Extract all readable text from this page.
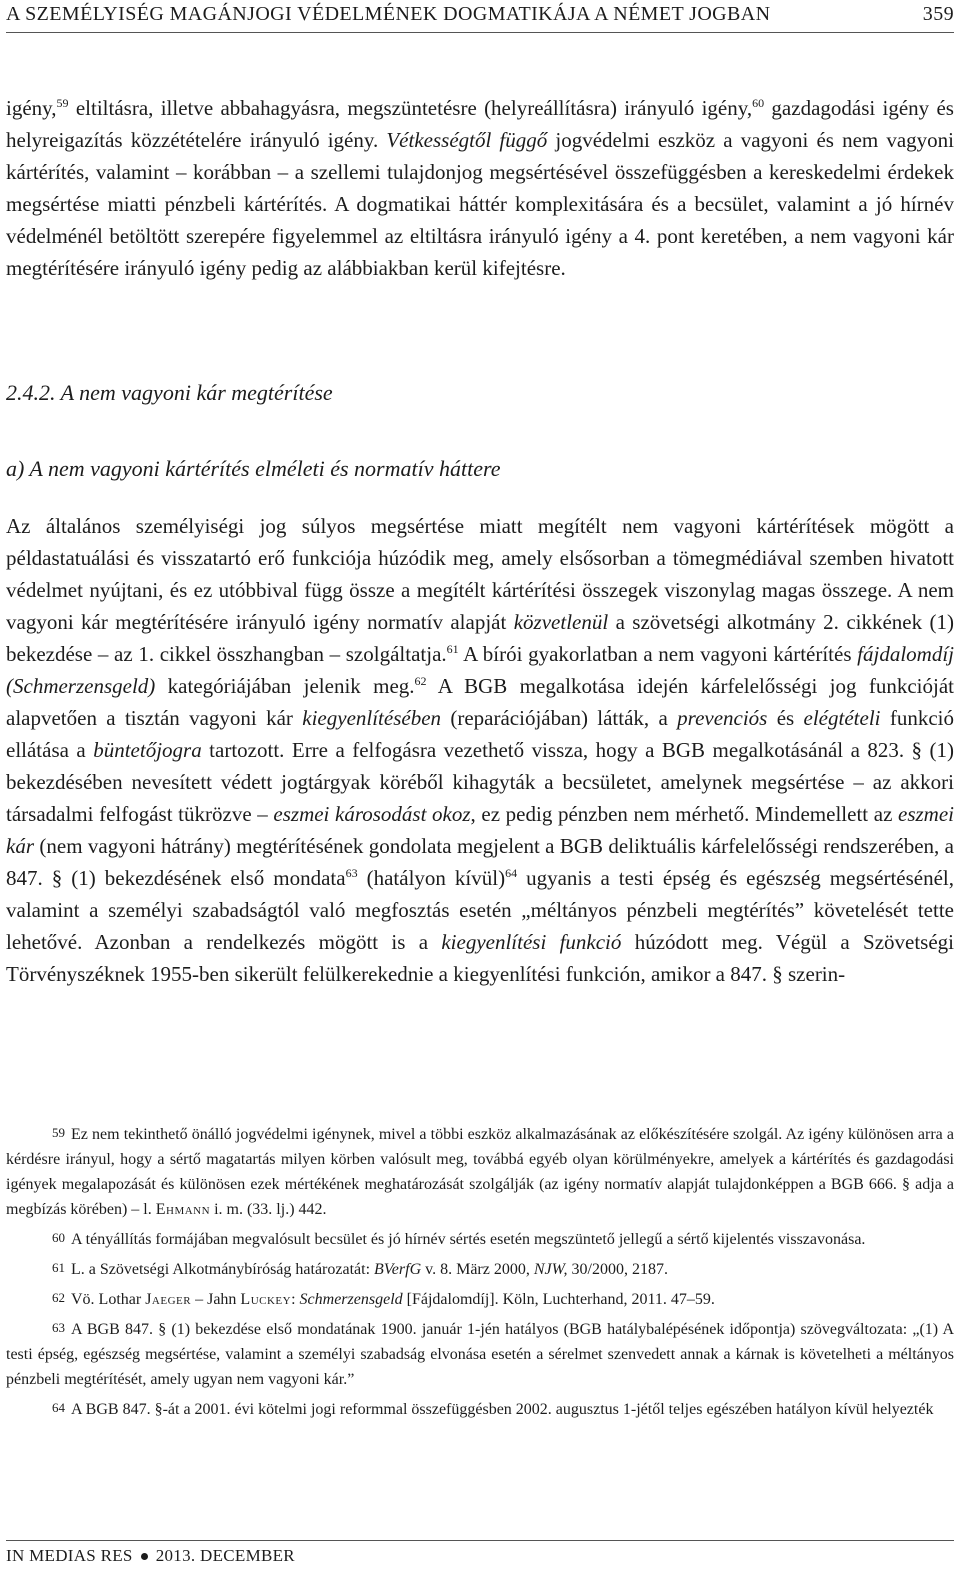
A SZEMÉLYISÉG MAGÁNJOGI VÉDELMÉNEK DOGMATIKÁJA A NÉMET JOGBAN	359

igény,$^{59}$ eltiltásra, illetve abbahagyásra, megszüntetésre (helyreállításra) irányuló igény,$^{60}$ gazdagodási igény és helyreigazítás közzétételére irányuló igény. Vétkességtől függő jogvédelmi eszköz a vagyoni és nem vagyoni kártérítés, valamint – korábban – a szellemi tulajdonjog megsértésével összefüggésben a kereskedelmi érdekek megsértése miatti pénzbeli kártérítés. A dogmatikai háttér komplexitására és a becsület, valamint a jó hírnév védelménél betöltött szerepére figyelemmel az eltiltásra irányuló igény a 4. pont keretében, a nem vagyoni kár megtérítésére irányuló igény pedig az alábbiakban kerül kifejtésre.

2.4.2. A nem vagyoni kár megtérítése
a) A nem vagyoni kártérítés elméleti és normatív háttere

Az általános személyiségi jog súlyos megsértése miatt megítélt nem vagyoni kártérítések mögött a példastatuálási és visszatartó erő funkciója húzódik meg, amely elsősorban a tömegmédiával szemben hivatott védelmet nyújtani, és ez utóbbival függ össze a megítélt kártérítési összegek viszonylag magas összege. A nem vagyoni kár megtérítésére irányuló igény normatív alapját közvetlenül a szövetségi alkotmány 2. cikkének (1) bekezdése – az 1. cikkel összhangban – szolgáltatja.$^{61}$ A bírói gyakorlatban a nem vagyoni kártérítés fájdalomdíj (Schmerzensgeld) kategóriájában jelenik meg.$^{62}$ A BGB megalkotása idején kárfelelősségi jog funkcióját alapvetően a tisztán vagyoni kár kiegyenlítésében (reparációjában) látták, a prevenciós és elégtételi funkció ellátása a büntetőjogra tartozott. Erre a felfogásra vezethető vissza, hogy a BGB megalkotásánál a 823. § (1) bekezdésében nevesített védett jogtárgyak köréből kihagyták a becsületet, amelynek megsértése – az akkori társadalmi felfogást tükrözve – eszmei károsodást okoz, ez pedig pénzben nem mérhető. Mindemellett az eszmei kár (nem vagyoni hátrány) megtérítésének gondolata megjelent a BGB deliktuális kárfelelősségi rendszerében, a 847. § (1) bekezdésének első mondata$^{63}$ (hatályon kívül)$^{64}$ ugyanis a testi épség és egészség megsértésénél, valamint a személyi szabadságtól való megfosztás esetén „méltányos pénzbeli megtérítés” követelését tette lehetővé. Azonban a rendelkezés mögött is a kiegyenlítési funkció húzódott meg. Végül a Szövetségi Törvényszéknek 1955-ben sikerült felülkerekednie a kiegyenlítési funkción, amikor a 847. § szerin-

59 Ez nem tekinthető önálló jogvédelmi igénynek, mivel a többi eszköz alkalmazásának az előkészítésére szolgál. Az igény különösen arra a kérdésre irányul, hogy a sértő magatartás milyen körben valósult meg, továbbá egyéb olyan körülményekre, amelyek a kártérítés és gazdagodási igények megalapozását és különösen ezek mértékének meghatározását szolgálják (az igény normatív alapját tulajdonképpen a BGB 666. § adja a megbízás körében) – l. Ehmann i. m. (33. lj.) 442.

60 A tényállítás formájában megvalósult becsület és jó hírnév sértés esetén megszüntető jellegű a sértő kijelentés visszavonása.

61 L. a Szövetségi Alkotmánybíróság határozatát: BVerfG v. 8. März 2000, NJW, 30/2000, 2187.

62 Vö. Lothar Jaeger – Jahn Luckey: Schmerzensgeld [Fájdalomdíj]. Köln, Luchterhand, 2011. 47–59.

63 A BGB 847. § (1) bekezdése első mondatának 1900. január 1-jén hatályos (BGB hatálybalépésének időpontja) szövegváltozata: „(1) A testi épség, egészség megsértése, valamint a személyi szabadság elvonása esetén a sérelmet szenvedett annak a kárnak is követelheti a méltányos pénzbeli megtérítését, amely ugyan nem vagyoni kár.”

64 A BGB 847. §-át a 2001. évi kötelmi jogi reformmal összefüggésben 2002. augusztus 1-jétől teljes egészében hatályon kívül helyezték

IN MEDIAS RES 2013. DECEMBER
